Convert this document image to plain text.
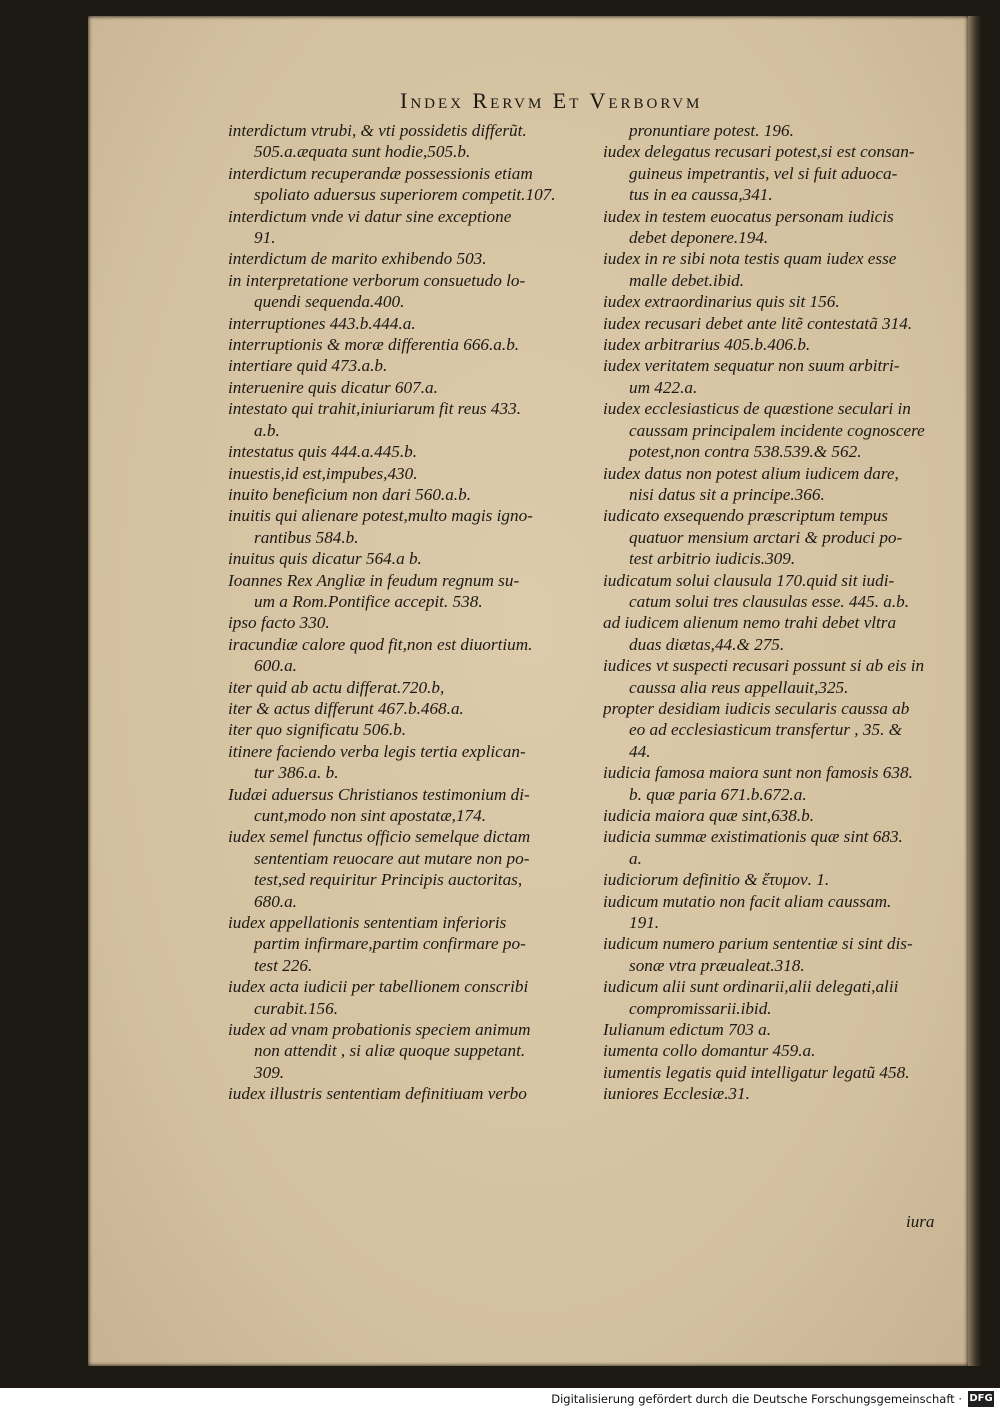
Index Rervm Et Verborvm
interdictum vtrubi, & vti possidetis differũt.
505.a.æquata sunt hodie,505.b.
interdictum recuperandæ possessionis etiam
spoliato aduersus superiorem competit.107.
interdictum vnde vi datur sine exceptione
91.
interdictum de marito exhibendo 503.
in interpretatione verborum consuetudo lo-
quendi sequenda.400.
interruptiones 443.b.444.a.
interruptionis & moræ differentia 666.a.b.
intertiare quid 473.a.b.
interuenire quis dicatur 607.a.
intestato qui trahit,iniuriarum fit reus 433.
a.b.
intestatus quis 444.a.445.b.
inuestis,id est,impubes,430.
inuito beneficium non dari 560.a.b.
inuitis qui alienare potest,multo magis igno-
rantibus 584.b.
inuitus quis dicatur 564.a b.
Ioannes Rex Angliæ in feudum regnum su-
um a Rom.Pontifice accepit. 538.
ipso facto 330.
iracundiæ calore quod fit,non est diuortium.
600.a.
iter quid ab actu differat.720.b,
iter & actus differunt 467.b.468.a.
iter quo significatu 506.b.
itinere faciendo verba legis tertia explican-
tur 386.a. b.
Iudæi aduersus Christianos testimonium di-
cunt,modo non sint apostatæ,174.
iudex semel functus officio semelque dictam
sententiam reuocare aut mutare non po-
test,sed requiritur Principis auctoritas,
680.a.
iudex appellationis sententiam inferioris
partim infirmare,partim confirmare po-
test 226.
iudex acta iudicii per tabellionem conscribi
curabit.156.
iudex ad vnam probationis speciem animum
non attendit , si aliæ quoque suppetant.
309.
iudex illustris sententiam definitiuam verbo
pronuntiare potest. 196.
iudex delegatus recusari potest,si est consan-
guineus impetrantis, vel si fuit aduoca-
tus in ea caussa,341.
iudex in testem euocatus personam iudicis
debet deponere.194.
iudex in re sibi nota testis quam iudex esse
malle debet.ibid.
iudex extraordinarius quis sit 156.
iudex recusari debet ante litẽ contestatã 314.
iudex arbitrarius 405.b.406.b.
iudex veritatem sequatur non suum arbitri-
um 422.a.
iudex ecclesiasticus de quæstione seculari in
caussam principalem incidente cognoscere
potest,non contra 538.539.& 562.
iudex datus non potest alium iudicem dare,
nisi datus sit a principe.366.
iudicato exsequendo præscriptum tempus
quatuor mensium arctari & produci po-
test arbitrio iudicis.309.
iudicatum solui clausula 170.quid sit iudi-
catum solui tres clausulas esse. 445. a.b.
ad iudicem alienum nemo trahi debet vltra
duas diætas,44.& 275.
iudices vt suspecti recusari possunt si ab eis in
caussa alia reus appellauit,325.
propter desidiam iudicis secularis caussa ab
eo ad ecclesiasticum transfertur , 35. &
44.
iudicia famosa maiora sunt non famosis 638.
b. quæ paria 671.b.672.a.
iudicia maiora quæ sint,638.b.
iudicia summæ existimationis quæ sint 683.
a.
iudiciorum definitio & ἔτυμον. 1.
iudicum mutatio non facit aliam caussam.
191.
iudicum numero parium sententiæ si sint dis-
sonæ vtra præualeat.318.
iudicum alii sunt ordinarii,alii delegati,alii
compromissarii.ibid.
Iulianum edictum 703 a.
iumenta collo domantur 459.a.
iumentis legatis quid intelligatur legatũ 458.
iuniores Ecclesiæ.31.
iura
Digitalisierung gefördert durch die Deutsche Forschungsgemeinschaft · DFG
